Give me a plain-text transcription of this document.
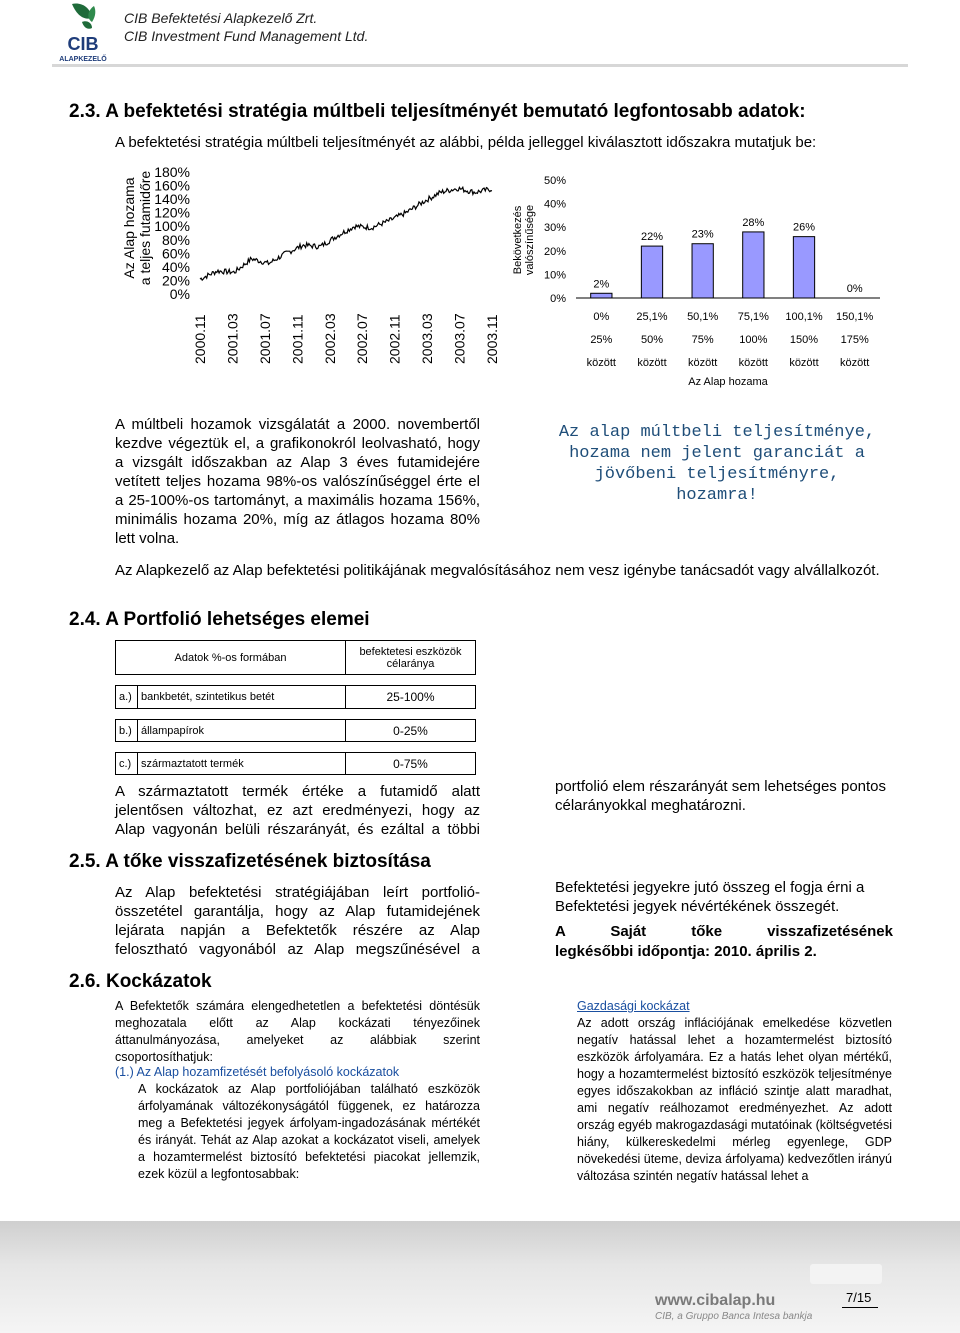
CIB
ALAPKEZELŐ
CIB Befektetési Alapkezelő Zrt.
CIB Investment Fund Management Ltd.
2.3. A befektetési stratégia múltbeli teljesítményét bemutató legfontosabb adatok:
A befektetési stratégia múltbeli teljesítményét az alábbi, példa jelleggel kiválasztott időszakra mutatjuk be:
Az Alap hozama a teljes futamidőre 180%
160%
140%
120%
100%
80%
60%
40%
20%
0%
2000.11 2001.03 2001.07 2001.11 2002.03 2002.07 2002.11 2003.03 2003.07 2003.11
Bekövetkezés valószínűsége
50%
40%
30%
20%
10%
0%
2%
22%	23%
28%	26%
0%
0%
25%
között
25,1%
50%
között
50,1%
75%
között
75,1%
100%
között
100,1%
150%
között
150,1%
175%
között
Az Alap hozama
A múltbeli hozamok vizsgálatát a 2000. novembertől kezdve végeztük el, a grafikonokról leolvasható, hogy a vizsgált időszakban az Alap 3 éves futamidejére vetített teljes hozama 98%-os valószínűséggel érte el a 25-100%-os tartományt, a maximális hozama 156%, minimális hozama 20%, míg az átlagos hozama 80% lett volna.
Az alap múltbeli teljesítménye, hozama nem jelent garanciát a jövőbeni teljesítményre, hozamra!
Az Alapkezelő az Alap befektetési politikájának megvalósításához nem vesz igénybe tanácsadót vagy alvállalkozót.
2.4. A Portfolió lehetséges elemei
Adatok %-os formában		befektetesi eszközök célaránya

a.)	bankbetét, szintetikus betét	25-100%

b.)	állampapírok	0-25%

c.)	származtatott termék	0-75%
A származtatott termék értéke a futamidő alatt jelentősen változhat, ez azt eredményezi, hogy az Alap vagyonán belüli részarányát, és ezáltal a többi
portfolió elem részarányát sem lehetséges pontos célarányokkal meghatározni.
2.5. A tőke visszafizetésének biztosítása
Az Alap befektetési stratégiájában leírt portfolió-összetétel garantálja, hogy az Alap futamidejének lejárata napján a Befektetők részére az Alap felosztható vagyonából az Alap megszűnésével a
Befektetési jegyekre jutó összeg el fogja érni a Befektetési jegyek névértékének összegét.
A Saját tőke visszafizetésének
legkésőbbi időpontja: 2010. április 2.
2.6. Kockázatok
A Befektetők számára elengedhetetlen a befektetési döntésük meghozatala előtt az Alap kockázati tényezőinek áttanulmányozása, amelyeket az alábbiak szerint csoportosíthatjuk:
(1.) Az Alap hozamfizetését befolyásoló kockázatok
A kockázatok az Alap portfoliójában található eszközök árfolyamának változékonyságától függenek, ez határozza meg a Befektetési jegyek árfolyam-ingadozásának mértékét és irányát. Tehát az Alap azokat a kockázatot viseli, amelyek a hozamtermelést biztosító befektetési piacokat jellemzik, ezek közül a legfontosabbak:
Gazdasági kockázat
Az adott ország inflációjának emelkedése közvetlen negatív hatással lehet a hozamtermelést biztosító eszközök árfolyamára. Ez a hatás lehet olyan mértékű, hogy a hozamtermelést biztosító eszközök teljesítménye egyes időszakokban az infláció szintje alatt maradhat, ami negatív reálhozamot eredményezhet. Az adott ország egyéb makrogazdasági mutatóinak (költségvetési hiány, külkereskedelmi mérleg egyenlege, GDP növekedési üteme, deviza árfolyama) kedvezőtlen irányú változása szintén negatív hatással lehet a
www.cibalap.hu
CIB, a Gruppo Banca Intesa bankja
7/15
